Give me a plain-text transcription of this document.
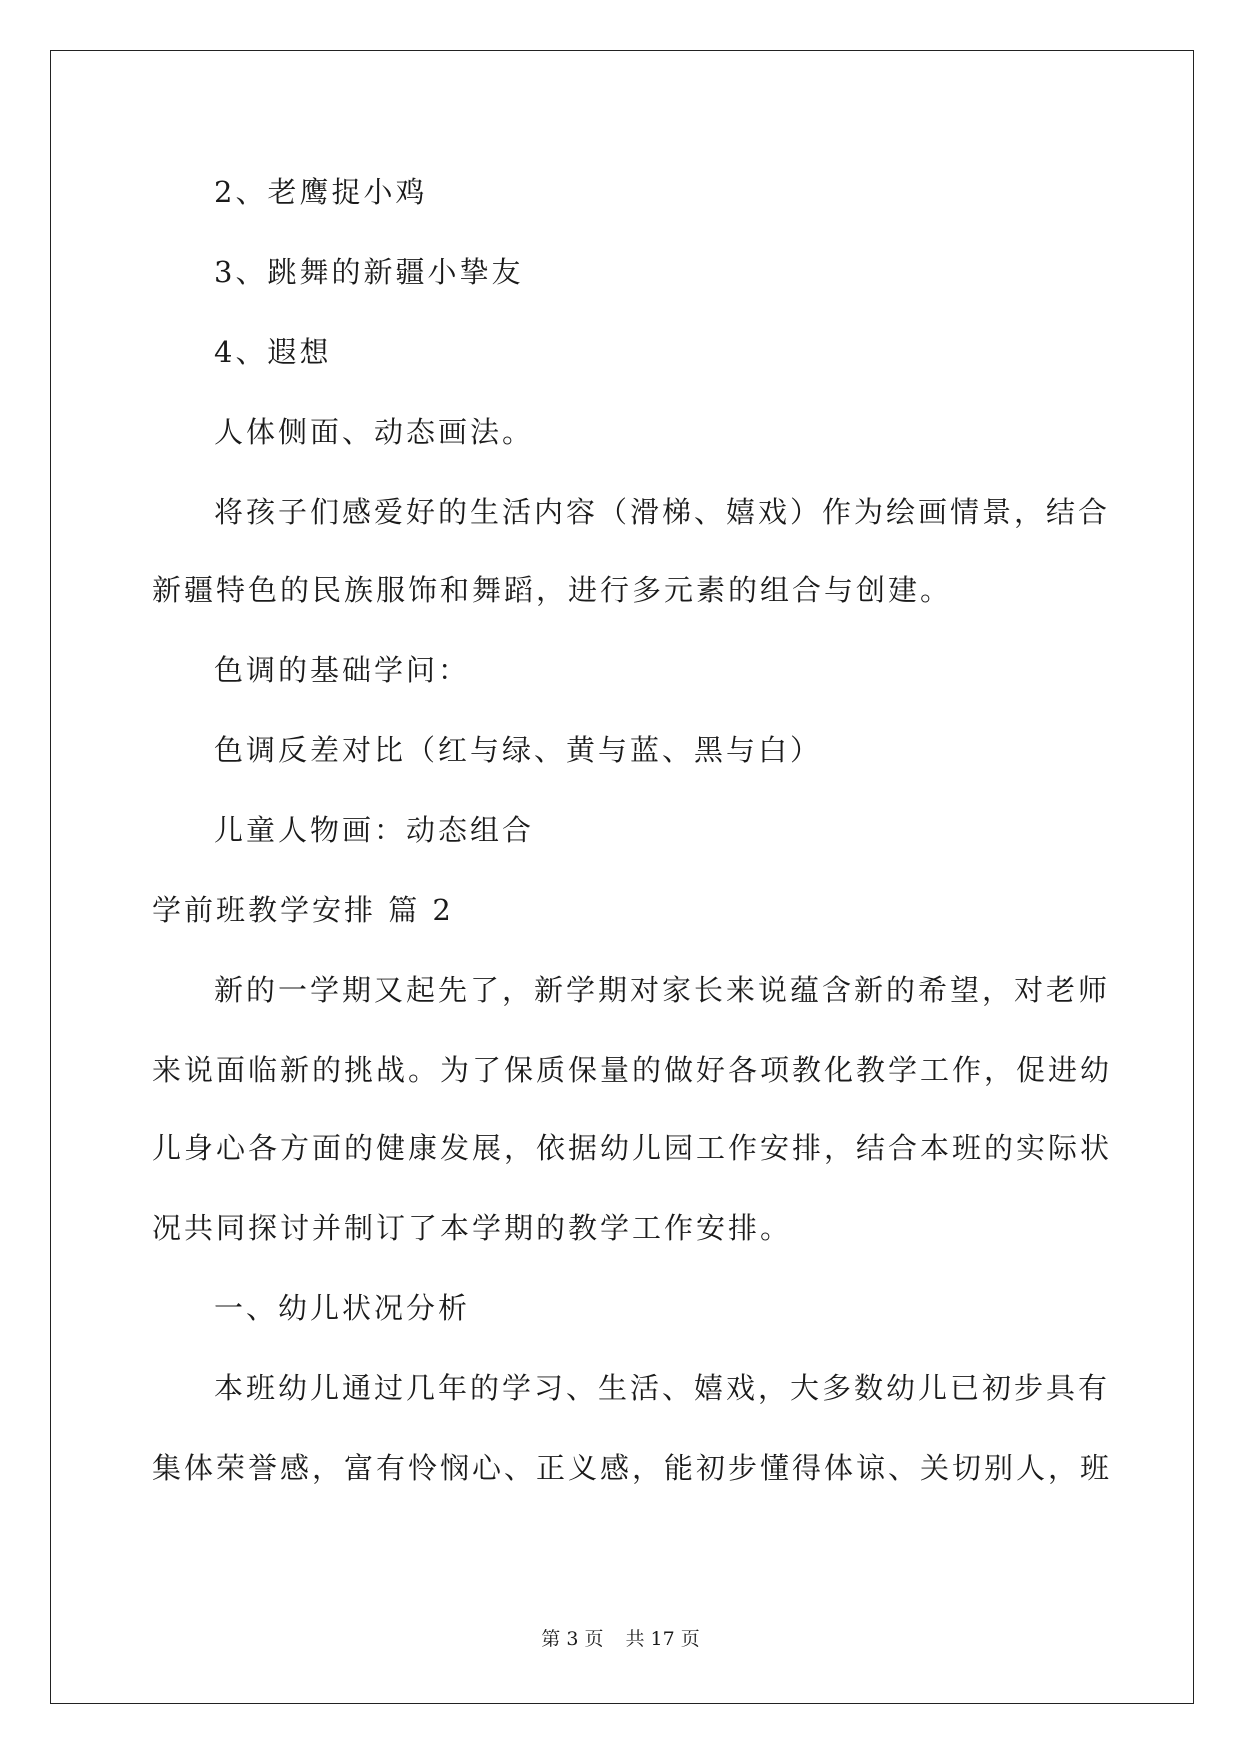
2、老鹰捉小鸡
3、跳舞的新疆小挚友
4、遐想
人体侧面、动态画法。
将孩子们感爱好的生活内容（滑梯、嬉戏）作为绘画情景，结合
新疆特色的民族服饰和舞蹈，进行多元素的组合与创建。
色调的基础学问：
色调反差对比（红与绿、黄与蓝、黑与白）
儿童人物画：动态组合
学前班教学安排 篇 2
新的一学期又起先了，新学期对家长来说蕴含新的希望，对老师
来说面临新的挑战。为了保质保量的做好各项教化教学工作，促进幼
儿身心各方面的健康发展，依据幼儿园工作安排，结合本班的实际状
况共同探讨并制订了本学期的教学工作安排。
一、幼儿状况分析
本班幼儿通过几年的学习、生活、嬉戏，大多数幼儿已初步具有
集体荣誉感，富有怜悯心、正义感，能初步懂得体谅、关切别人，班
第 3 页 共 17 页
